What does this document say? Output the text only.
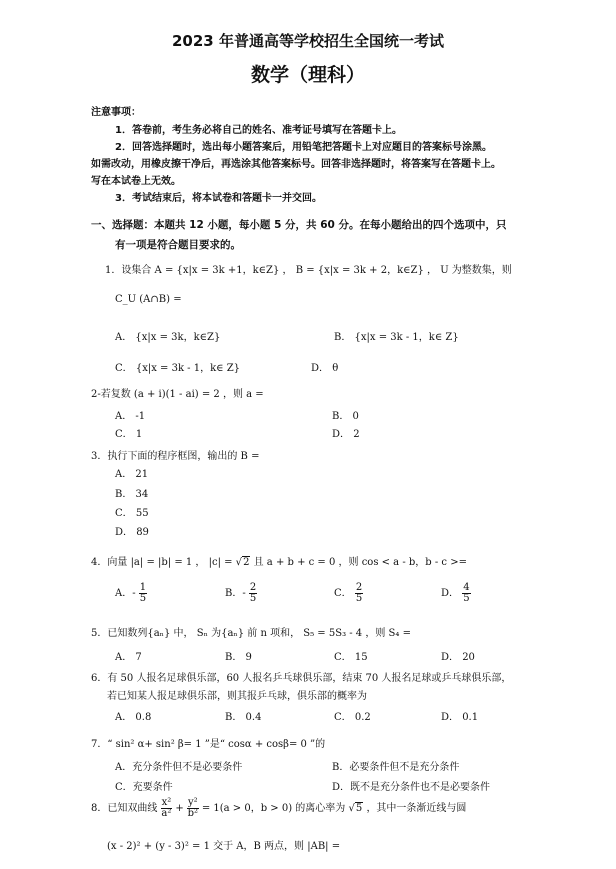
2023 年普通高等学校招生全国统一考试
数学（理科）
注意事项：
1．答卷前，考生务必将自己的姓名、准考证号填写在答题卡上。
2．回答选择题时，选出每小题答案后，用铅笔把答题卡上对应题目的答案标号涂黑。
如需改动，用橡皮擦干净后，再选涂其他答案标号。回答非选择题时，将答案写在答题卡上。
写在本试卷上无效。
3．考试结束后，将本试卷和答题卡一并交回。
一、选择题：本题共 12 小题，每小题 5 分，共 60 分。在每小题给出的四个选项中，只
有一项是符合题目要求的。
1．设集合 A = {x|x = 3k +1，k∈Z} ， B = {x|x = 3k + 2，k∈Z} ， U 为整数集，则
C_U (A∩B) =
A． {x|x = 3k，k∈Z}	B． {x|x = 3k - 1，k∈ Z}
C． {x|x = 3k - 1，k∈ Z}	D． θ
2-若复数 (a + i)(1 - ai) = 2 ，则 a =
A． -1	B． 0
C． 1	D． 2
3．执行下面的程序框图，输出的 B =
A． 21
B． 34
C． 55
D． 89
4．向量 |a| = |b| = 1 ， |c| = √2 且 a + b + c = 0 ，则 cos < a - b，b - c >=
A．- $\frac{1}{5}$	B．- $\frac{2}{5}$	C． $\frac{2}{5}$	D． $\frac{4}{5}$
5．已知数列{aₙ} 中， Sₙ 为{aₙ} 前 n 项和， S₅ = 5S₃ - 4 ，则 S₄ =
A． 7	B． 9	C． 15	D． 20
6．有 50 人报名足球俱乐部，60 人报名乒乓球俱乐部，结束 70 人报名足球或乒乓球俱乐部，
若已知某人报足球俱乐部，则其报乒乓球，俱乐部的概率为
A． 0.8	B． 0.4	C． 0.2	D． 0.1
7．“ sin² α+ sin² β= 1 ”是“ cosα + cosβ= 0 ”的
A．充分条件但不是必要条件	B．必要条件但不是充分条件
C．充要条件	D．既不是充分条件也不是必要条件
8．已知双曲线 $\frac{\text{x²}}{\text{a²}} + \frac{\text{y²}}{\text{b²}} = 1(a > 0$，b > 0) 的离心率为 √5 ，其中一条渐近线与圆
(x - 2)² + (y - 3)² = 1 交于 A，B 两点，则 |AB| =
